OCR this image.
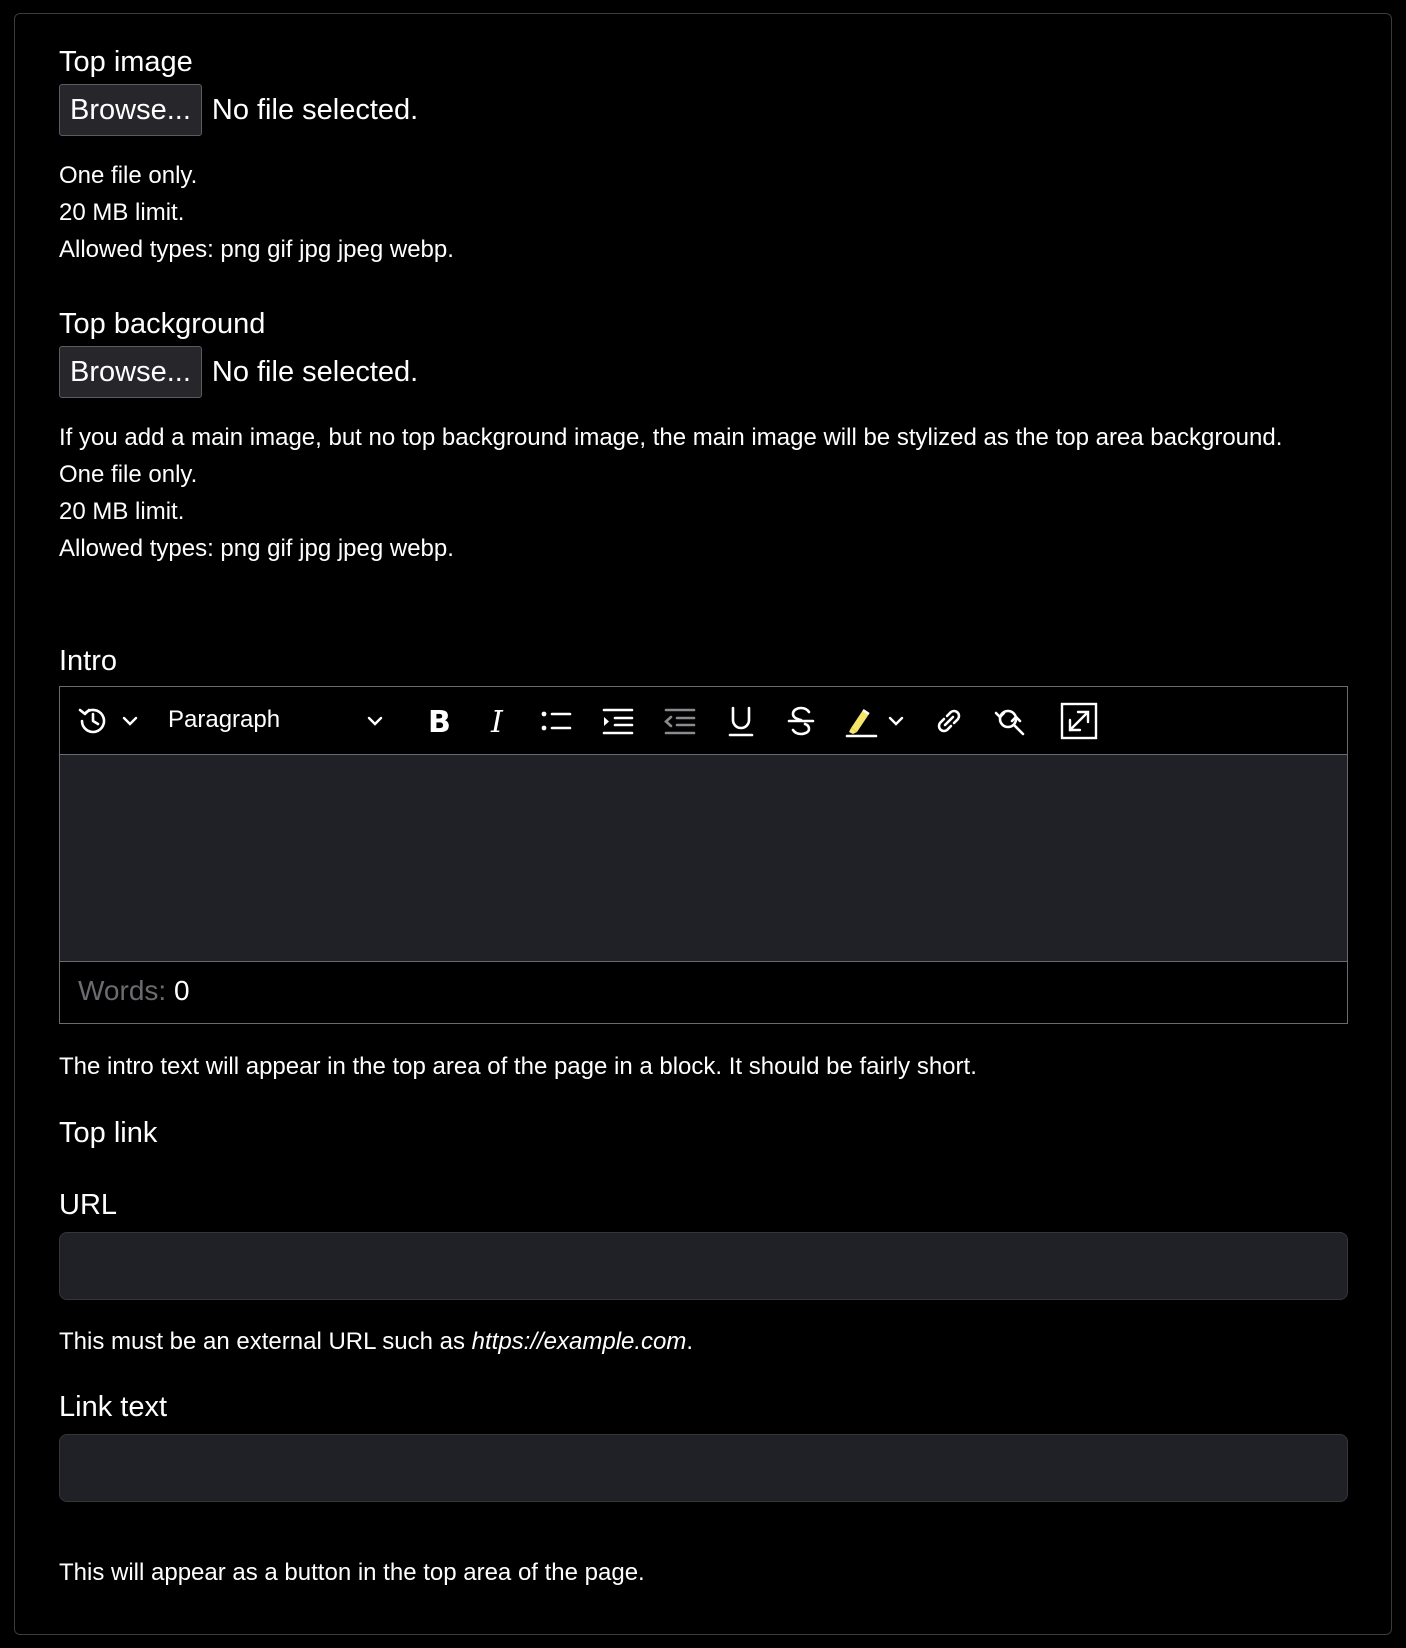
Top image
Browse... No file selected.
One file only.
20 MB limit.
Allowed types: png gif jpg jpeg webp.
Top background
Browse... No file selected.
If you add a main image, but no top background image, the main image will be stylized as the top area background.
One file only.
20 MB limit.
Allowed types: png gif jpg jpeg webp.
Intro
Paragraph	B I
Words: 0
The intro text will appear in the top area of the page in a block. It should be fairly short.
Top link
URL
This must be an external URL such as https://example.com.
Link text
This will appear as a button in the top area of the page.
